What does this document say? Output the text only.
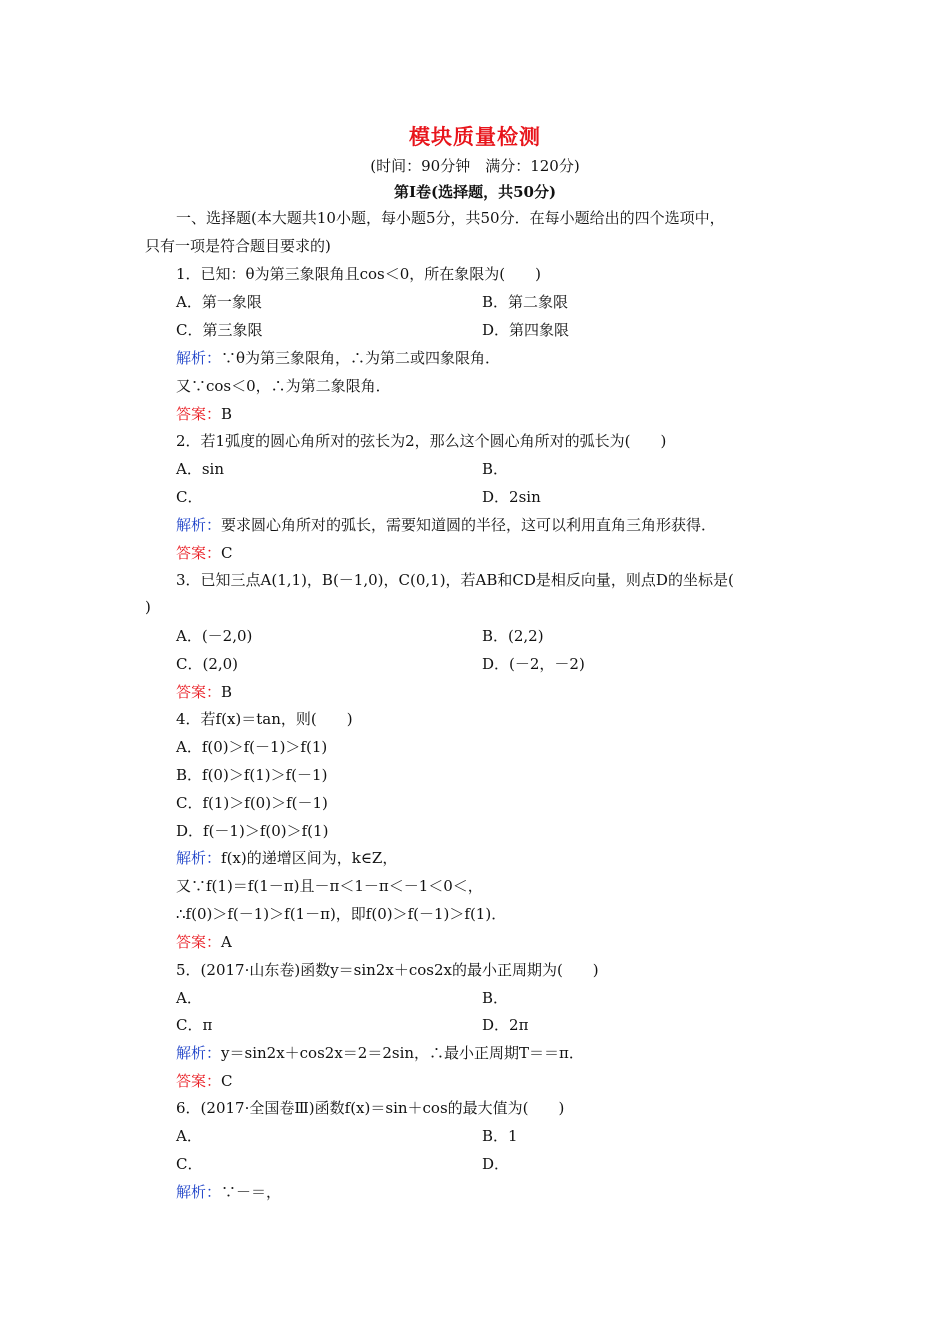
模块质量检测
(时间：90分钟　满分：120分)
第Ⅰ卷(选择题，共50分)
一、选择题(本大题共10小题，每小题5分，共50分．在每小题给出的四个选项中，
只有一项是符合题目要求的)
1．已知：θ为第三象限角且cos＜0，所在象限为(　　)
A．第一象限	B．第二象限
C．第三象限	D．第四象限
解析：∵θ为第三象限角，∴为第二或四象限角．
又∵cos＜0，∴为第二象限角．
答案：B
2．若1弧度的圆心角所对的弦长为2，那么这个圆心角所对的弧长为(　　)
A．sin	B．
C．	D．2sin
解析：要求圆心角所对的弧长，需要知道圆的半径，这可以利用直角三角形获得．
答案：C
3．已知三点A(1,1)，B(－1,0)，C(0,1)，若AB和CD是相反向量，则点D的坐标是(
)
A．(－2,0)	B．(2,2)
C．(2,0)	D．(－2，－2)
答案：B
4．若f(x)＝tan，则(　　)
A．f(0)＞f(－1)＞f(1)
B．f(0)＞f(1)＞f(－1)
C．f(1)＞f(0)＞f(－1)
D．f(－1)＞f(0)＞f(1)
解析：f(x)的递增区间为，k∈Z，
又∵f(1)＝f(1－π)且－π＜1－π＜－1＜0＜，
∴f(0)＞f(－1)＞f(1－π)，即f(0)＞f(－1)＞f(1)．
答案：A
5．(2017·山东卷)函数y＝sin2x＋cos2x的最小正周期为(　　)
A．	B．
C．π	D．2π
解析：y＝sin2x＋cos2x＝2＝2sin，∴最小正周期T＝＝π．
答案：C
6．(2017·全国卷Ⅲ)函数f(x)＝sin＋cos的最大值为(　　)
A．	B．1
C．	D．
解析：∵－＝，
